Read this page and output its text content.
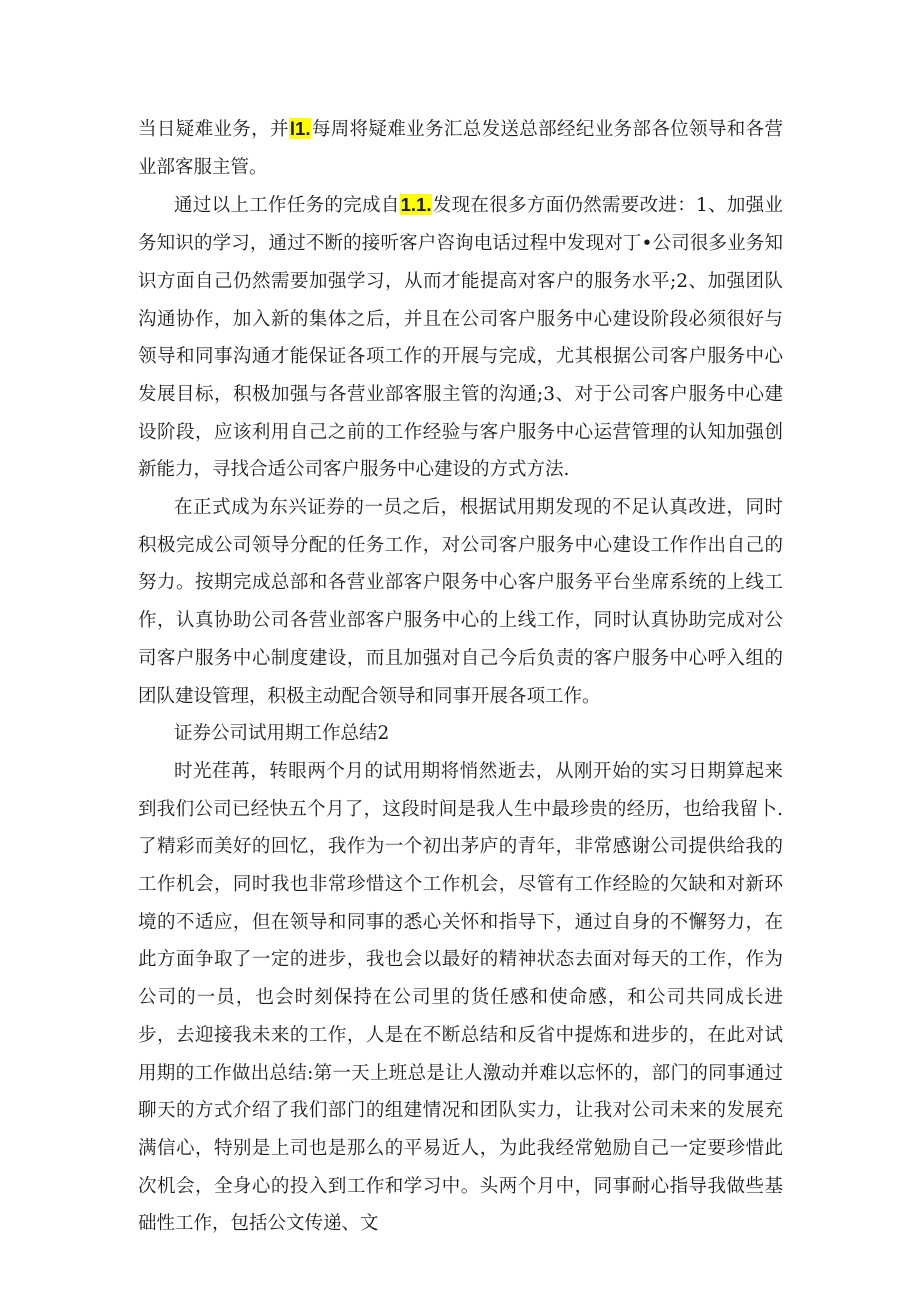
当日疑难业务，并l1.每周将疑难业务汇总发送总部经纪业务部各位领导和各营业部客服主管。

通过以上工作任务的完成自1.1.发现在很多方面仍然需要改进：1、加强业务知识的学习，通过不断的接听客户咨询电话过程中发现对丁•公司很多业务知识方面自己仍然需要加强学习，从而才能提高对客户的服务水平;2、加强团队沟通协作，加入新的集体之后，并且在公司客户服务中心建设阶段必须很好与领导和同事沟通才能保证各项工作的开展与完成，尤其根据公司客户服务中心发展目标，积极加强与各营业部客服主管的沟通;3、对于公司客户服务中心建设阶段，应该利用自己之前的工作经验与客户服务中心运营管理的认知加强创新能力，寻找合适公司客户服务中心建设的方式方法.

在正式成为东兴证券的一员之后，根据试用期发现的不足认真改进，同时积极完成公司领导分配的任务工作，对公司客户服务中心建设工作作出自己的努力。按期完成总部和各营业部客户限务中心客户服务平台坐席系统的上线工作，认真协助公司各营业部客户服务中心的上线工作，同时认真协助完成对公司客户服务中心制度建设，而且加强对自己今后负责的客户服务中心呼入组的团队建设管理，积极主动配合领导和同事开展各项工作。

证券公司试用期工作总结2

时光荏苒，转眼两个月的试用期将悄然逝去，从刚开始的实习日期算起来到我们公司已经快五个月了，这段时间是我人生中最珍贵的经历，也给我留卜.了精彩而美好的回忆，我作为一个初出茅庐的青年，非常感谢公司提供给我的工作机会，同时我也非常珍惜这个工作机会，尽管有工作经睑的欠缺和对新环境的不适应，但在领导和同事的悉心关怀和指导下，通过自身的不懈努力，在此方面争取了一定的进步，我也会以最好的精神状态去面对每天的工作，作为公司的一员，也会时刻保持在公司里的货任感和使命感，和公司共同成长进步，去迎接我未来的工作，人是在不断总结和反省中提炼和进步的，在此对试用期的工作做出总结:第一天上班总是让人激动并难以忘怀的，部门的同事通过聊天的方式介绍了我们部门的组建情况和团队实力，让我对公司未来的发展充满信心，特别是上司也是那么的平易近人，为此我经常勉励自己一定要珍惜此次机会，全身心的投入到工作和学习中。头两个月中，同事耐心指导我做些基础性工作，包括公文传递、文
